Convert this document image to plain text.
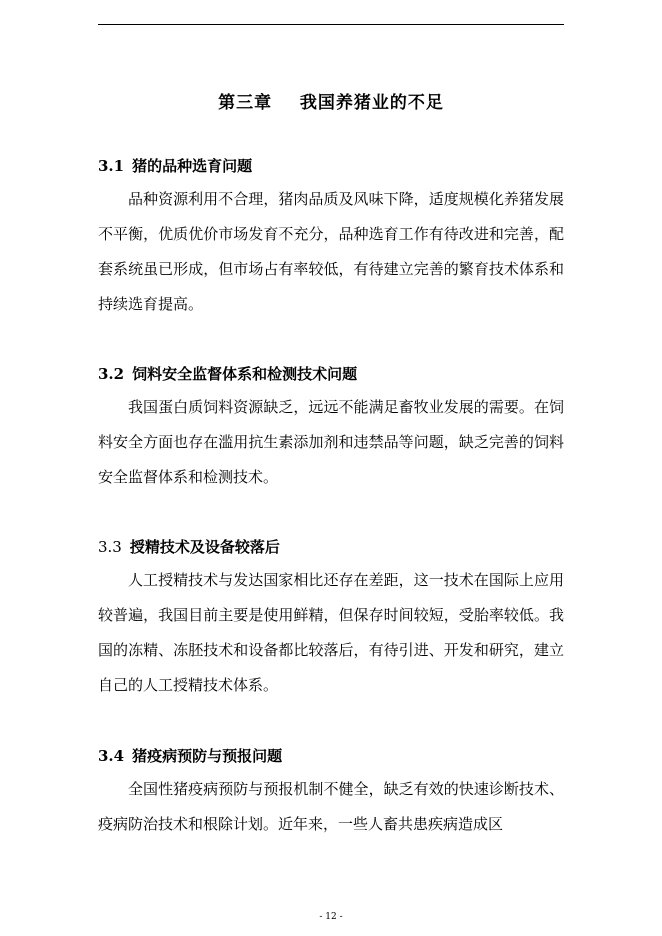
第三章    我国养猪业的不足
3.1 猪的品种选育问题

品种资源利用不合理，猪肉品质及风味下降，适度规模化养猪发展不平衡，优质优价市场发育不充分，品种选育工作有待改进和完善，配套系统虽已形成，但市场占有率较低，有待建立完善的繁育技术体系和持续选育提高。

3.2 饲料安全监督体系和检测技术问题

我国蛋白质饲料资源缺乏，远远不能满足畜牧业发展的需要。在饲料安全方面也存在滥用抗生素添加剂和违禁品等问题，缺乏完善的饲料安全监督体系和检测技术。

3.3 授精技术及设备较落后

人工授精技术与发达国家相比还存在差距，这一技术在国际上应用较普遍，我国目前主要是使用鲜精，但保存时间较短，受胎率较低。我国的冻精、冻胚技术和设备都比较落后，有待引进、开发和研究，建立自己的人工授精技术体系。

3.4 猪疫病预防与预报问题

全国性猪疫病预防与预报机制不健全，缺乏有效的快速诊断技术、疫病防治技术和根除计划。近年来，一些人畜共患疾病造成区

- 12 -
